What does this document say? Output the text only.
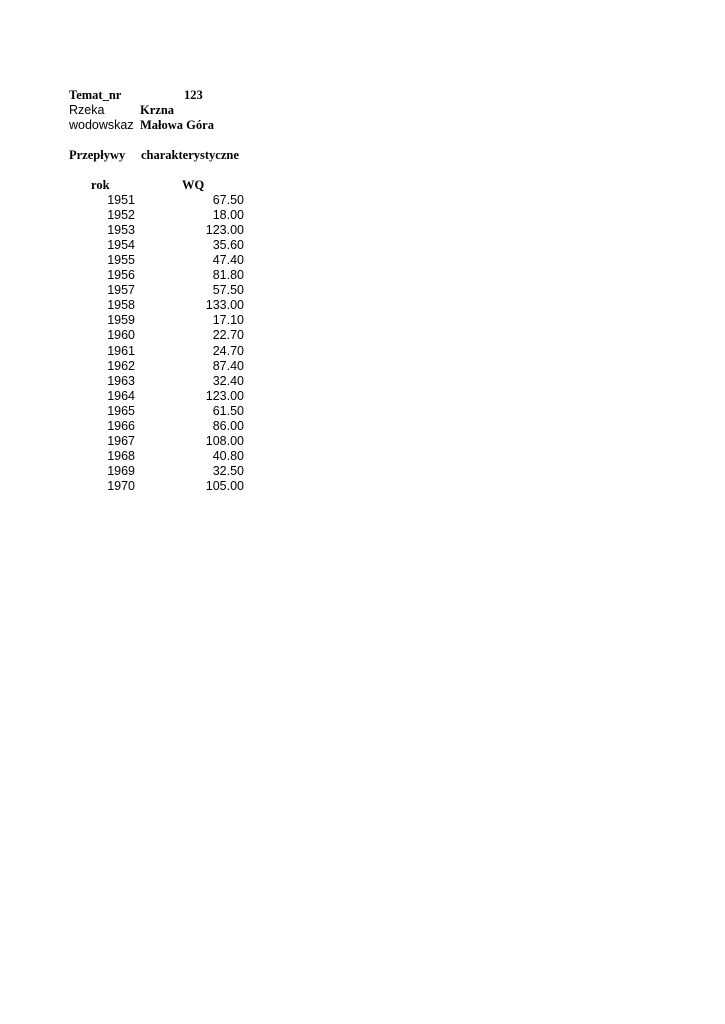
Temat_nr	123
Rzeka	Krzna
wodowskaz Małowa Góra
Przepływy charakterystyczne
rok	WQ
1951	67.50
1952	18.00
1953	123.00
1954	35.60
1955	47.40
1956	81.80
1957	57.50
1958	133.00
1959	17.10
1960	22.70
1961	24.70
1962	87.40
1963	32.40
1964	123.00
1965	61.50
1966	86.00
1967	108.00
1968	40.80
1969	32.50
1970	105.00
